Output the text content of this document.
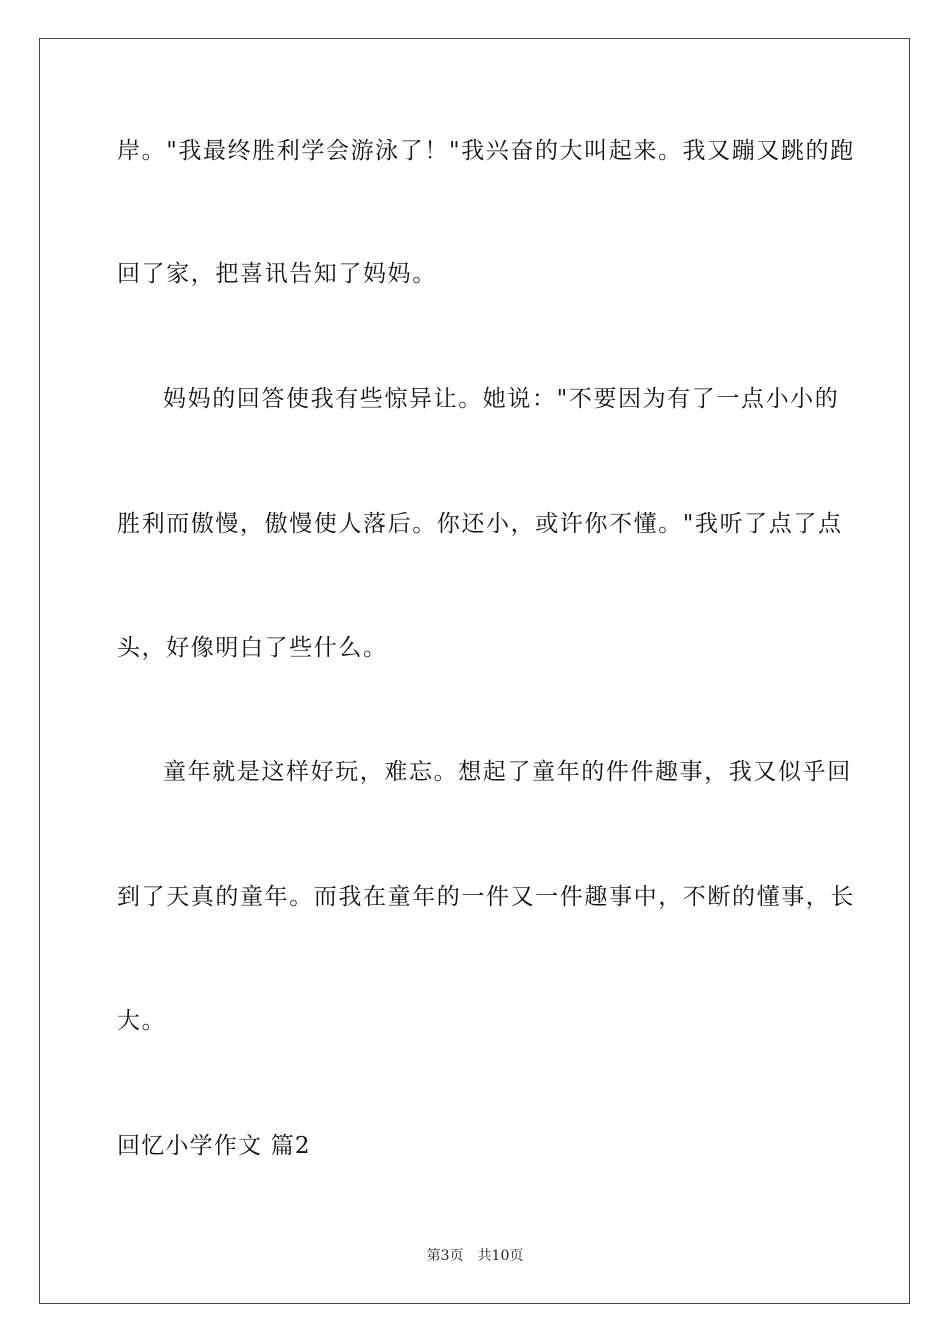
岸。"我最终胜利学会游泳了！"我兴奋的大叫起来。我又蹦又跳的跑
回了家，把喜讯告知了妈妈。
妈妈的回答使我有些惊异让。她说："不要因为有了一点小小的
胜利而傲慢，傲慢使人落后。你还小，或许你不懂。"我听了点了点
头，好像明白了些什么。
童年就是这样好玩，难忘。想起了童年的件件趣事，我又似乎回
到了天真的童年。而我在童年的一件又一件趣事中，不断的懂事，长
大。
回忆小学作文 篇2
第3页 共10页
